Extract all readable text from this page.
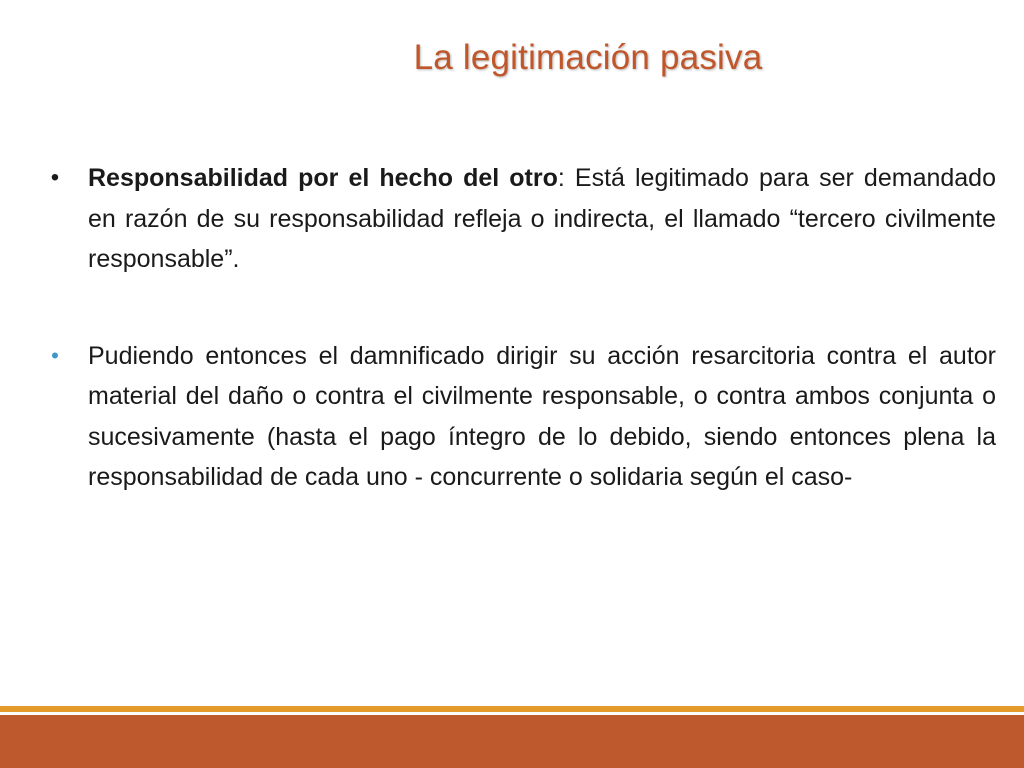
La legitimación pasiva
•	Responsabilidad por el hecho del otro: Está legitimado para ser demandado en razón de su responsabilidad refleja o indirecta, el llamado “tercero civilmente responsable”.
•	Pudiendo entonces el damnificado dirigir su acción resarcitoria contra el autor material del daño o contra el civilmente responsable, o contra ambos conjunta o sucesivamente (hasta el pago íntegro de lo debido, siendo entonces plena la responsabilidad de cada uno - concurrente o solidaria según el caso-
